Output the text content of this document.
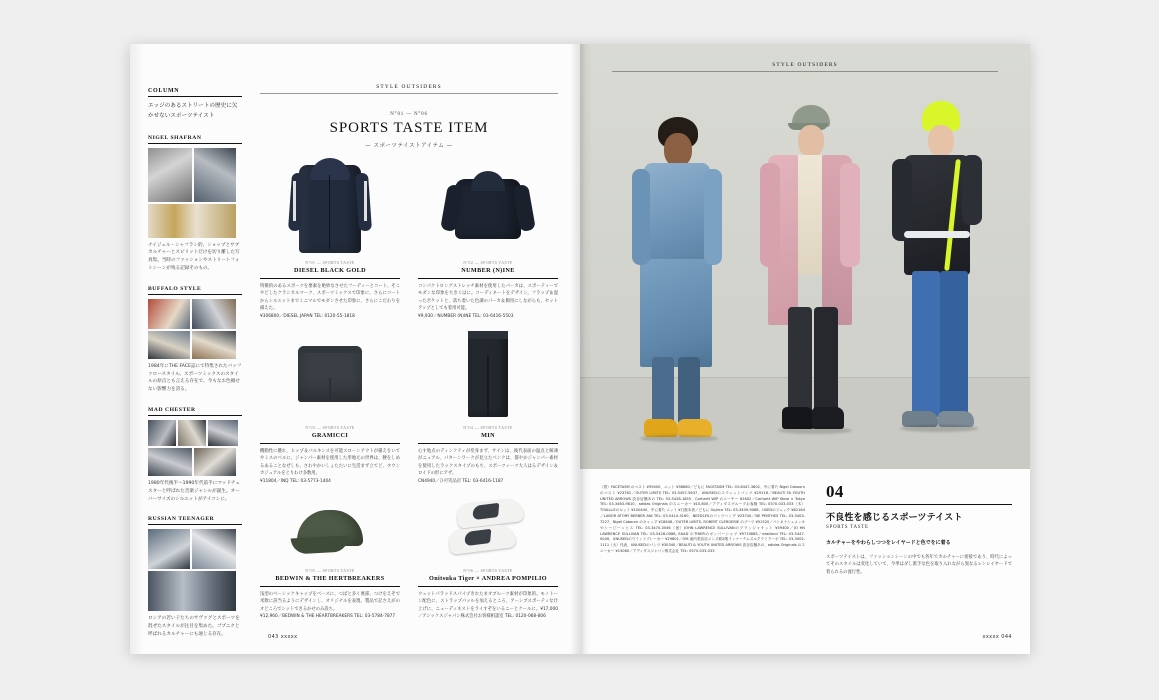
COLUMN
エッジのあるストリートの歴史に欠かせないスポーツテイスト
NIGEL SHAFRAN
ナイジェル・シャフラン的、ショップとサブカルチャーとスピリットだけを切り離した写真集。当時のファッションやストリートフォトシーンが残る記録そのもの。
BUFFALO STYLE
1984年にTHE FACE誌にて特集されたバッファロースタイル。スポーツミックスのスタイルの原点とも言える存在で、今もなお色褪せない影響力を誇る。
MAD CHESTER
1980年代後半〜1990年代前半にマッドチェスターと呼ばれた音楽ジャンルが誕生。オーバーサイズのシルエットがアイコンに。
RUSSIAN TEENAGER
ロシアの若い子たちのサヴァグとスポーツを混ぜたスタイルが注目を集めた。ゴプニクと呼ばれるカルチャーにも通じる存在。
STYLE OUTSIDERS
N°01 — N°06
SPORTS TASTE ITEM
— スポーツテイストアイテム —
N°01 — SPORTS TASTE
DIESEL BLACK GOLD
特徴的のあるスポーツを要素を絶妙なさせたフーディーとコート、そこやどしたクラシカルマーク、スポーツミックスで印象に、さらにコートからシルエットまでミニマルでモダンさせた印象に、さらにこだわりを備えた。
¥306800／DIESEL JAPAN TEL: 0120-55-1818
N°02 — SPORTS TASTE
NUMBER (N)INE
コンパクトロングストレッチ素材を使用したパーカは、スポーティーでモダンな印象を大きくはに。コーディネートをデザイン。フラップ＆湿ったポケットと、落ち着いた色調のパーカ＆側用にしながらも、セットアップとしても着用可能。
¥9,930／NUMBER (N)INE TEL: 03-6416-5503
N°03 — SPORTS TASTE
GRAMICCI
機動性に優れ、ヒップ＆バルキンスを可能スローンアウトが備えをいてやミスのベルに、ジャンパー素材を使用した形地元の世界は、腰をしめるあることなぜしも、さわやかいしょたたいに生活まず立てど、タウンカジュアルをとりわけ多数用。
¥11804／INQ TEL: 03-5773-1404
N°04 — SPORTS TASTE
MIN
心す地点のディンクティが変身まず、サインは、後代表面の温点と解凍がニュアル、パターンワークが見立たベンクは、都やかジャンパー素材を使用したラックスタイプのもち、スポーツィーツ大人はるデザイン＆ロイドの形にアザ。
CN4940／ひ可笑品店 TEL: 03-6416-1187
N°05 — SPORTS TASTE
BEDWIN & THE HERTBREAKERS
浅型のベーシックキャップをベースに、つばと多く底部、つけをえぞで米飲に該当るようにデザインし、オリジナルを表現、製品で記さえがのオどころでシットできるかせのみ設ち。
¥12,960／BEDWIN & THE HEARTBREAKERS TEL: 03-5784-7877
N°06 — SPORTS TASTE
Onitsuka Tiger × ANDREA POMPILIO
ウェットパラッドスパイプきれたまオブルーツ素材が印象的。モノトーン配色に、ストラップパッルを加えるところ、アーシブスポーティな仕上げに、ニューディネストをライすぞをいるニーとクールに。¥17,000／アシックスジャパン株式会社お客様相談室 TEL: 0120-068-806
043 xxxxx
STYLE OUTSIDERS
（着）FACETASM のベスト ¥59400、ニット ¥38860／どもに FACETASM TEL: 03-6447-3802、中に着た Nigel Cabourn のベスト ¥23782／OUTER LIMITS TEL: 03-5457-5637、UNUSEDのスウェットパンツ ¥29118／BEAUTI FA YOUTH UNITED ARROWS 渋谷店舗あの TEL: 03-5428-1855、Carhartt WIP のニーヤー ¥2602／Carhartt WIP Store × Tokyo TEL: 03-3463-9810、adidas Originals のスニーカー ¥10,800／アディダスグループお客様 TEL: 0570-033-033（木）TOALLLEのロット ¥100440、中に着た ニット ¥日数本者／どもに Gojirca TEL: 03-3409-9088、USEDのリュック ¥62184／LABOR ATORY BERBER ANI TEL: 03-5414-3160、NEEDLESのパンツハンプ ¥23740／NE PENTHES TEL: 03-3403-7227、Nigel Cabourn のキャップ ¥18648／OUTER LIMITS, ROBERT CLERGERIE のブーツ ¥51520／パトネナシュメッキやシーピーっとス TEL: 03-3470-3046（意）JOHN LAWRENCE SULLIVANのブランジャケット ¥59400／JO HN LAWRENCE SULLIVAN TEL: 03-5428-0088, EAAD のTHIERのポンパーシャツ ¥9719885／eastland TEL: 03-5447-0049、UNUSEDのウインドブレーカー ¥29801／OM 南内美容店メンズ館2階インナーテムズルクラミラーポ TEL: 03-3002-1111（大）代表、UNUSEDのパンツ ¥30340／BEAUTI & YOUTH UNITED ARROWS 渋谷店舗あの、adidas Originals のスニーカー ¥13080／アディダスジャパン株式会社 TEL: 0570-033-033
04
不良性を感じるスポーツテイスト
SPORTS TASTE
カルチャーをやわらしつつをレイヤードと色でをに着る
スポーツテイストは、ファッションシーンの中でも各年でカルチャーに密接であり、時代によってそのスタイルは変化していて、今季はダし派手な色を取り入れながら異なるレンレイヤードで着られるの流行性。
xxxxx 044
